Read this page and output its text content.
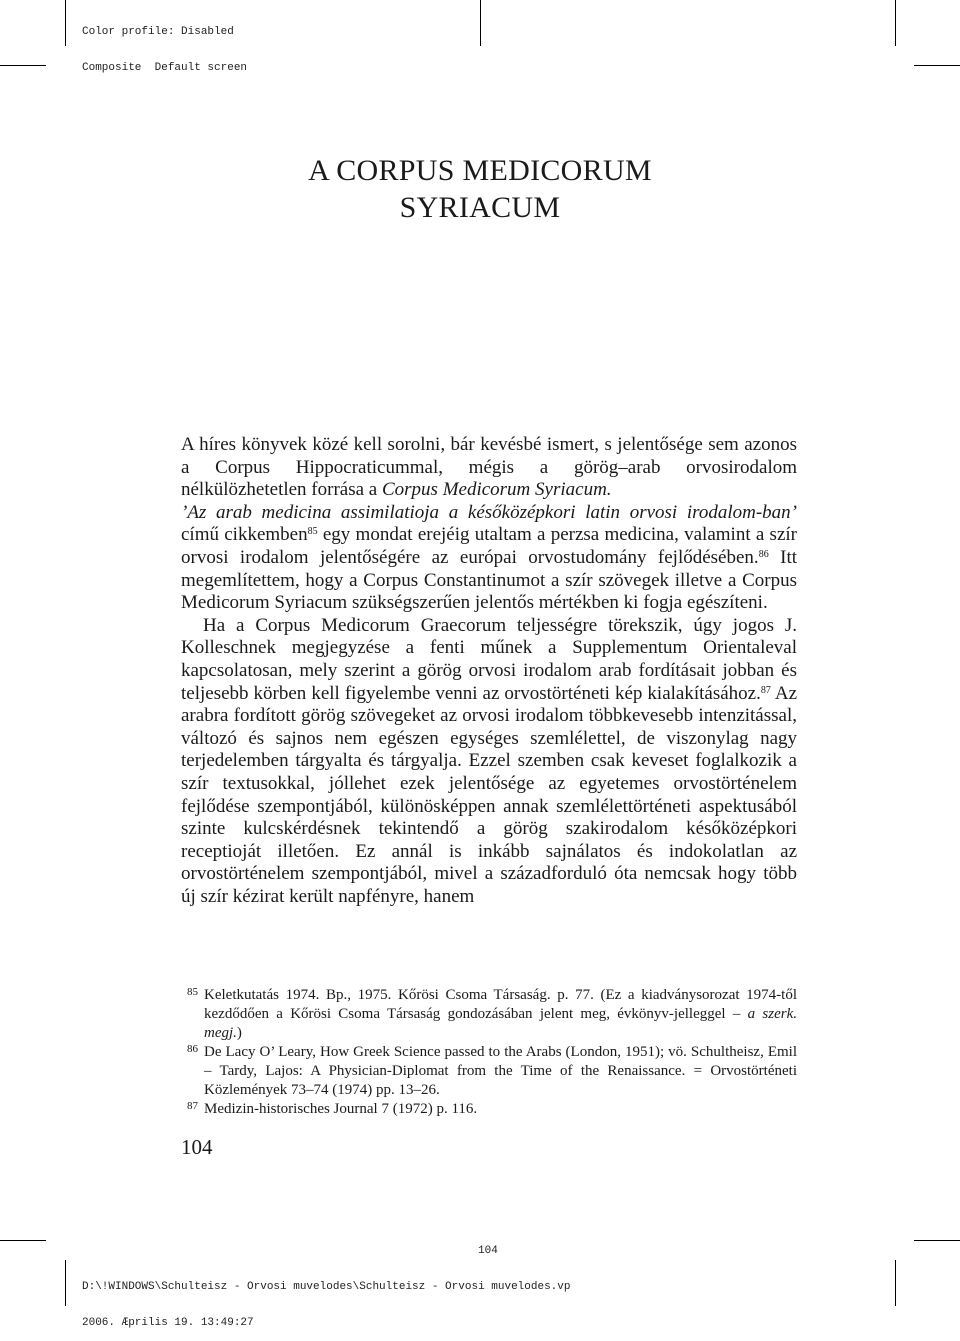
Color profile: Disabled

Composite  Default screen

A CORPUS MEDICORUM
SYRIACUM

A híres könyvek közé kell sorolni, bár kevésbé ismert, s jelentősége sem azonos a Corpus Hippocraticummal, mégis a görög–arab orvosirodalom nélkülözhetetlen forrása a Corpus Medicorum Syriacum.
’Az arab medicina assimilatioja a későközépkori latin orvosi irodalom-ban’ című cikkemben$^{85}$ egy mondat erejéig utaltam a perzsa medicina, valamint a szír orvosi irodalom jelentőségére az európai orvostudomány fejlődésében.$^{86}$ Itt megemlítettem, hogy a Corpus Constantinumot a szír szövegek illetve a Corpus Medicorum Syriacum szükségszerűen jelentős mértékben ki fogja egészíteni.

Ha a Corpus Medicorum Graecorum teljességre törekszik, úgy jogos J. Kolleschnek megjegyzése a fenti műnek a Supplementum Orientaleval kapcsolatosan, mely szerint a görög orvosi irodalom arab fordításait jobban és teljesebb körben kell figyelembe venni az orvostörténeti kép kialakításához.$^{87}$ Az arabra fordított görög szövegeket az orvosi irodalom többkevesebb intenzitással, változó és sajnos nem egészen egységes szemlélettel, de viszonylag nagy terjedelemben tárgyalta és tárgyalja. Ezzel szemben csak keveset foglalkozik a szír textusokkal, jóllehet ezek jelentősége az egyetemes orvostörténelem fejlődése szempontjából, különösképpen annak szemlélettörténeti aspektusából szinte kulcskérdésnek tekintendő a görög szakirodalom későközépkori receptioját illetően. Ez annál is inkább sajnálatos és indokolatlan az orvostörténelem szempontjából, mivel a századforduló óta nemcsak hogy több új szír kézirat került napfényre, hanem

85 Keletkutatás 1974. Bp., 1975. Kőrösi Csoma Társaság. p. 77. (Ez a kiadványsorozat 1974-től kezdődően a Kőrösi Csoma Társaság gondozásában jelent meg, évkönyv-jelleggel – a szerk. megj.)
86 De Lacy O’ Leary, How Greek Science passed to the Arabs (London, 1951); vö. Schultheisz, Emil – Tardy, Lajos: A Physician-Diplomat from the Time of the Renaissance. = Orvostörténeti Közlemények 73–74 (1974) pp. 13–26.
87 Medizin-historisches Journal 7 (1972) p. 116.
104
104

D:\!WINDOWS\Schulteisz - Orvosi muvelodes\Schulteisz - Orvosi muvelodes.vp

2006. Æprilis 19. 13:49:27
